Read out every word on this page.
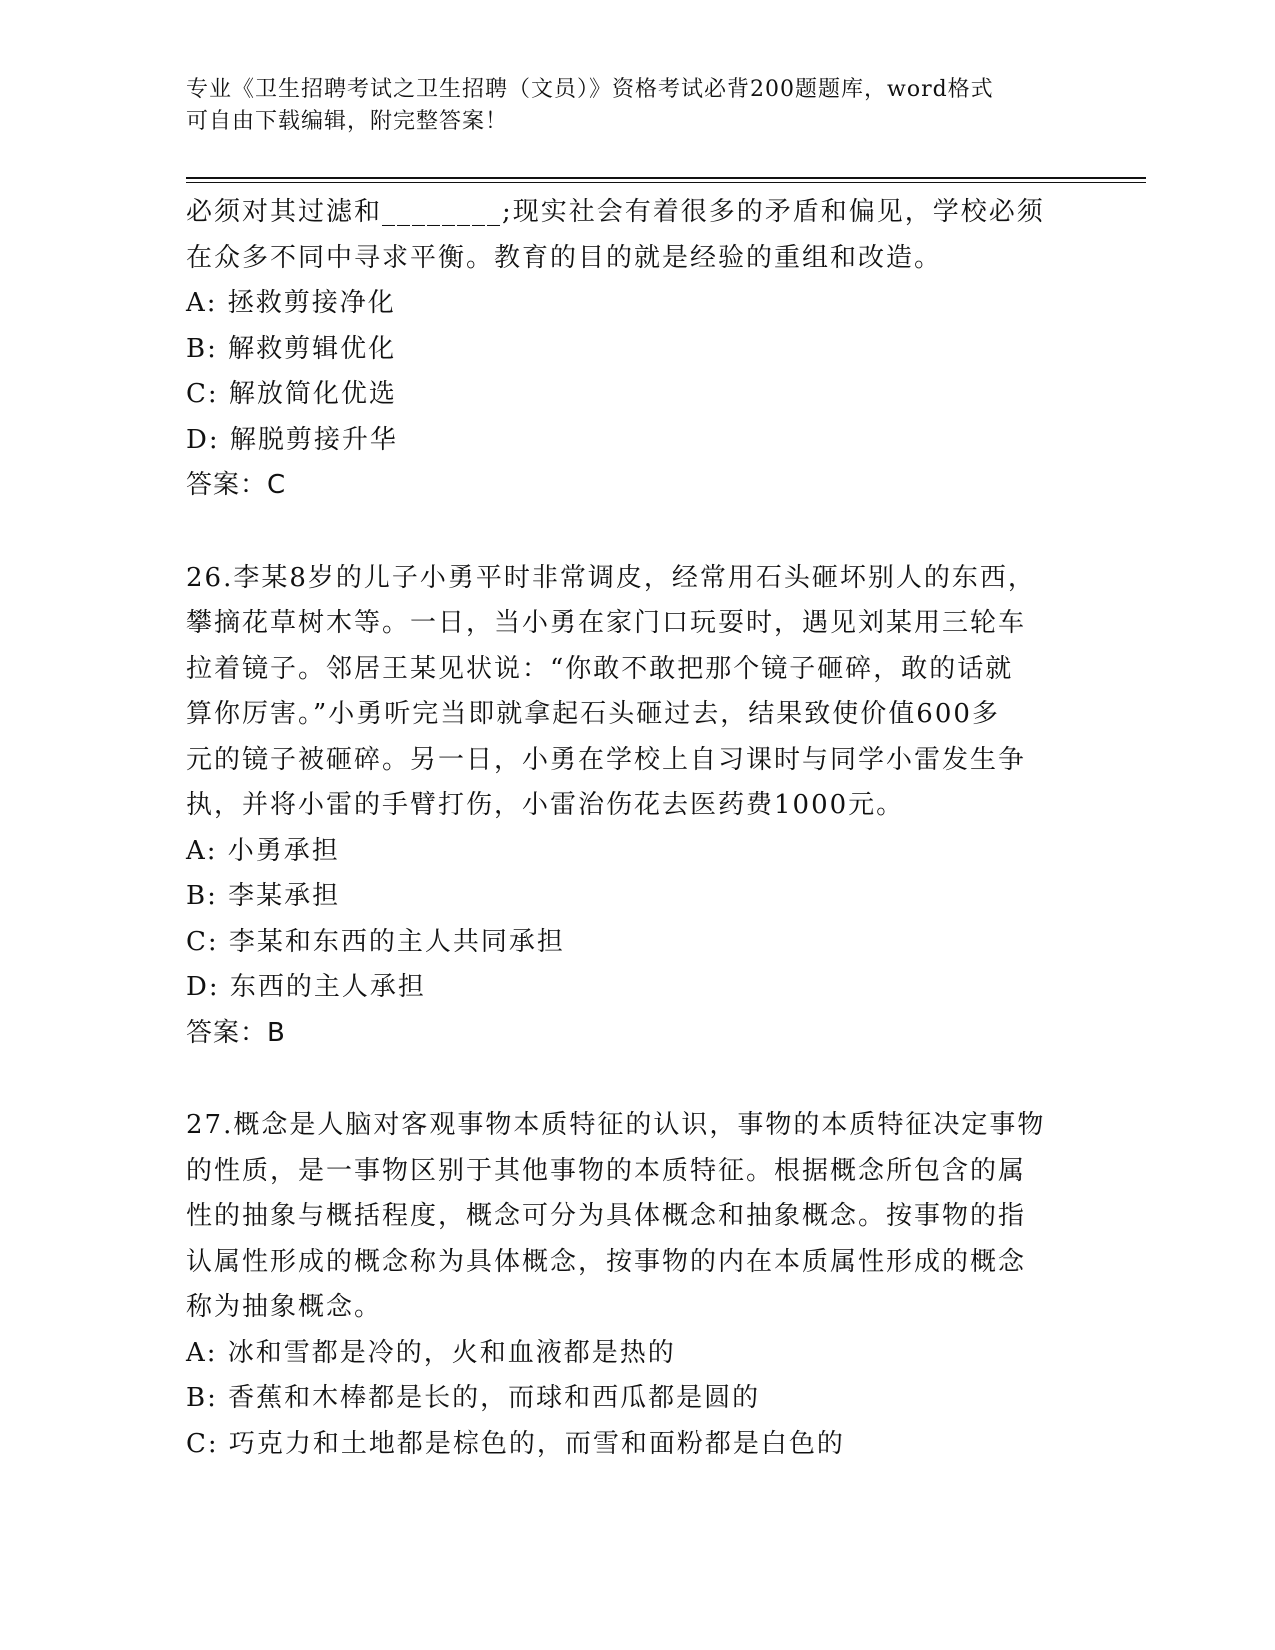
专业《卫生招聘考试之卫生招聘（文员）》资格考试必背200题题库，word格式
可自由下载编辑，附完整答案！

必须对其过滤和________;现实社会有着很多的矛盾和偏见，学校必须

在众多不同中寻求平衡。教育的目的就是经验的重组和改造。

A: 拯救剪接净化

B: 解救剪辑优化

C: 解放简化优选

D: 解脱剪接升华

答案：C

26.李某8岁的儿子小勇平时非常调皮，经常用石头砸坏别人的东西，

攀摘花草树木等。一日，当小勇在家门口玩耍时，遇见刘某用三轮车

拉着镜子。邻居王某见状说：“你敢不敢把那个镜子砸碎，敢的话就

算你厉害。”小勇听完当即就拿起石头砸过去，结果致使价值600多

元的镜子被砸碎。另一日，小勇在学校上自习课时与同学小雷发生争

执，并将小雷的手臂打伤，小雷治伤花去医药费1000元。

A: 小勇承担

B: 李某承担

C: 李某和东西的主人共同承担

D: 东西的主人承担

答案：B

27.概念是人脑对客观事物本质特征的认识，事物的本质特征决定事物

的性质，是一事物区别于其他事物的本质特征。根据概念所包含的属

性的抽象与概括程度，概念可分为具体概念和抽象概念。按事物的指

认属性形成的概念称为具体概念，按事物的内在本质属性形成的概念

称为抽象概念。

A: 冰和雪都是冷的，火和血液都是热的

B: 香蕉和木棒都是长的，而球和西瓜都是圆的

C: 巧克力和土地都是棕色的，而雪和面粉都是白色的
